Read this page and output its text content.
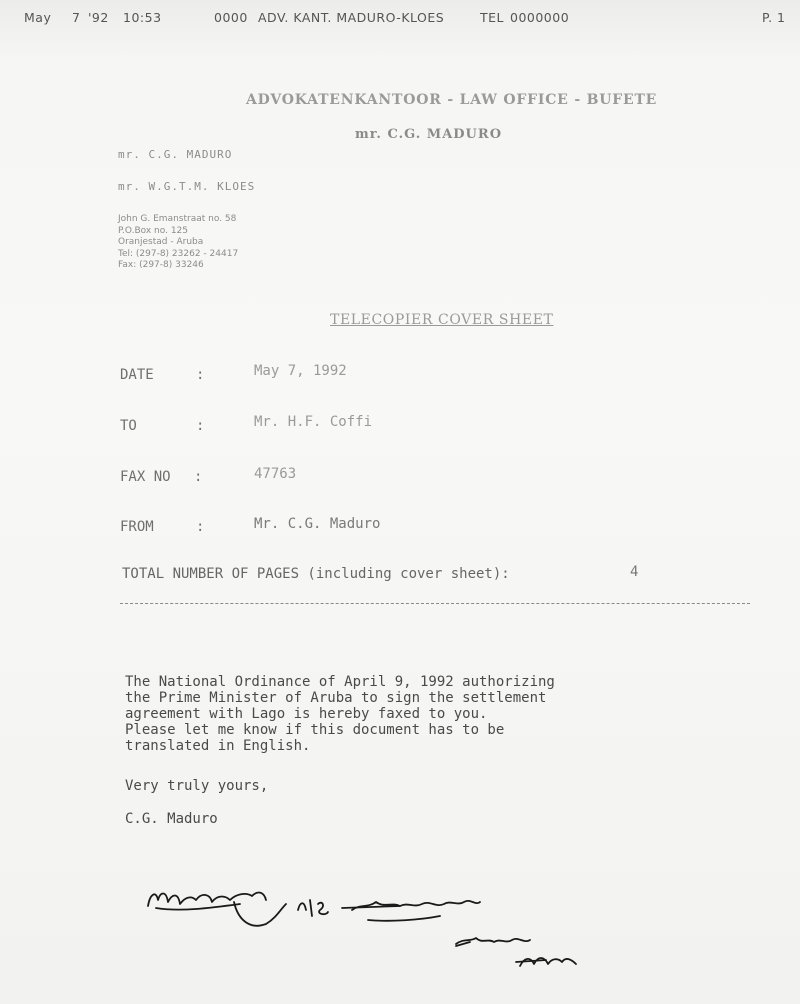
May 7 '92 10:53	0000 ADV. KANT. MADURO-KLOES	TEL 0000000	P. 1
ADVOKATENKANTOOR - LAW OFFICE - BUFETE
mr. C.G. MADURO
mr. C.G. MADURO
mr. W.G.T.M. KLOES
John G. Emanstraat no. 58
P.O.Box no. 125
Oranjestad - Aruba
Tel: (297-8) 23262 - 24417
Fax: (297-8) 33246
TELECOPIER COVER SHEET
DATE	:	May 7, 1992
TO	:	Mr. H.F. Coffi
FAX NO :	47763
FROM	:	Mr. C.G. Maduro
TOTAL NUMBER OF PAGES (including cover sheet):	4
The National Ordinance of April 9, 1992 authorizing
the Prime Minister of Aruba to sign the settlement
agreement with Lago is hereby faxed to you.
Please let me know if this document has to be
translated in English.
Very truly yours,
C.G. Maduro
